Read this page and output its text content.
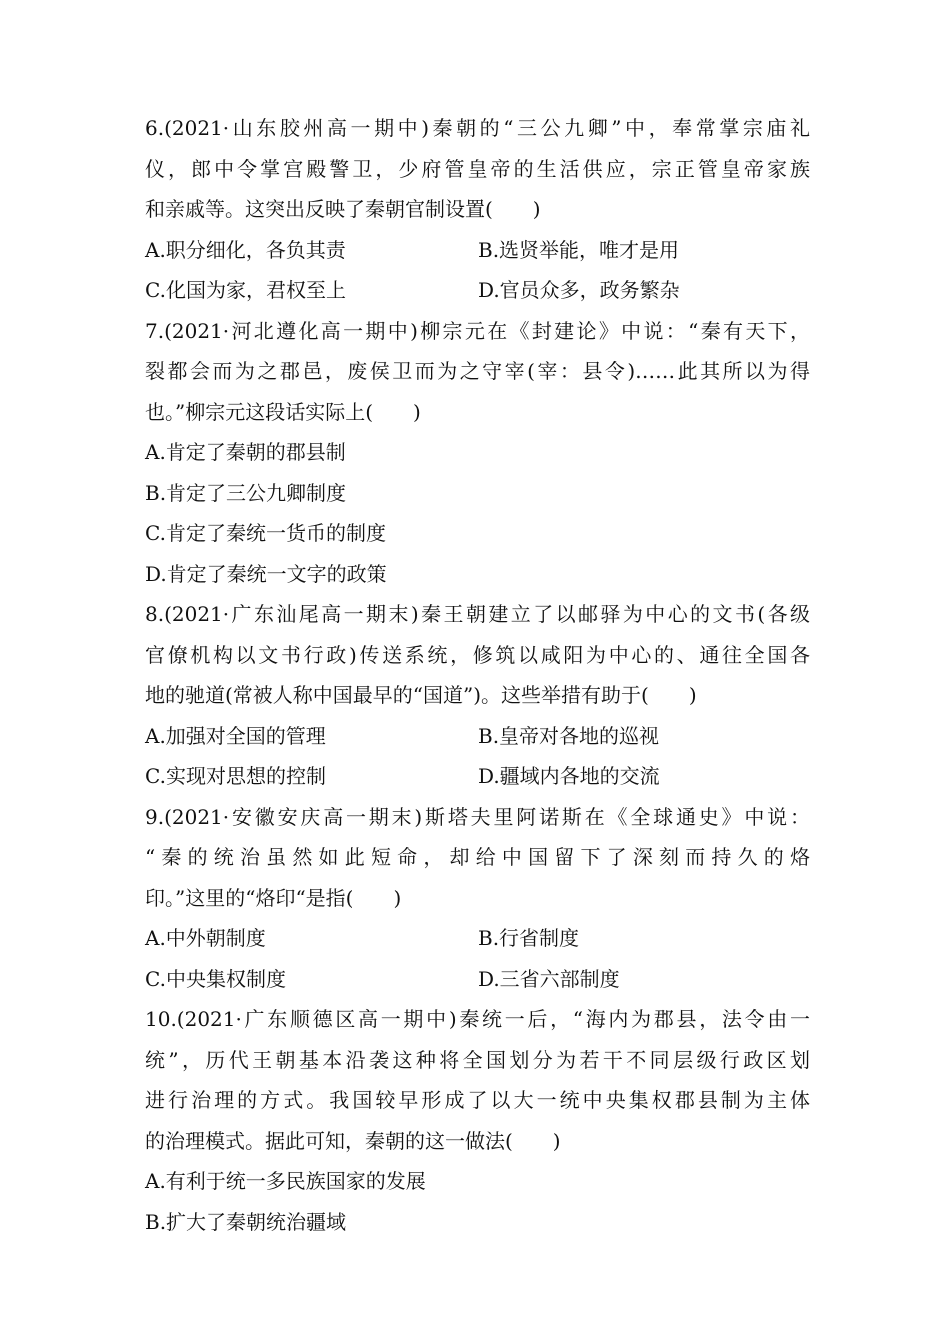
6.(2021·山东胶州高一期中)秦朝的“三公九卿”中，奉常掌宗庙礼
仪，郎中令掌宫殿警卫，少府管皇帝的生活供应，宗正管皇帝家族
和亲戚等。这突出反映了秦朝官制设置(　　)
A.职分细化，各负其责	B.选贤举能，唯才是用
C.化国为家，君权至上	D.官员众多，政务繁杂
7.(2021·河北遵化高一期中)柳宗元在《封建论》中说：“秦有天下，
裂都会而为之郡邑，废侯卫而为之守宰(宰：县令)……此其所以为得
也。”柳宗元这段话实际上(　　)
A.肯定了秦朝的郡县制
B.肯定了三公九卿制度
C.肯定了秦统一货币的制度
D.肯定了秦统一文字的政策
8.(2021·广东汕尾高一期末)秦王朝建立了以邮驿为中心的文书(各级
官僚机构以文书行政)传送系统，修筑以咸阳为中心的、通往全国各
地的驰道(常被人称中国最早的“国道”)。这些举措有助于(　　)
A.加强对全国的管理	B.皇帝对各地的巡视
C.实现对思想的控制	D.疆域内各地的交流
9.(2021·安徽安庆高一期末)斯塔夫里阿诺斯在《全球通史》中说：
“秦的统治虽然如此短命，却给中国留下了深刻而持久的烙
印。”这里的“烙印“是指(　　)
A.中外朝制度	B.行省制度
C.中央集权制度	D.三省六部制度
10.(2021·广东顺德区高一期中)秦统一后，“海内为郡县，法令由一
统”，历代王朝基本沿袭这种将全国划分为若干不同层级行政区划
进行治理的方式。我国较早形成了以大一统中央集权郡县制为主体
的治理模式。据此可知，秦朝的这一做法(　　)
A.有利于统一多民族国家的发展
B.扩大了秦朝统治疆域
